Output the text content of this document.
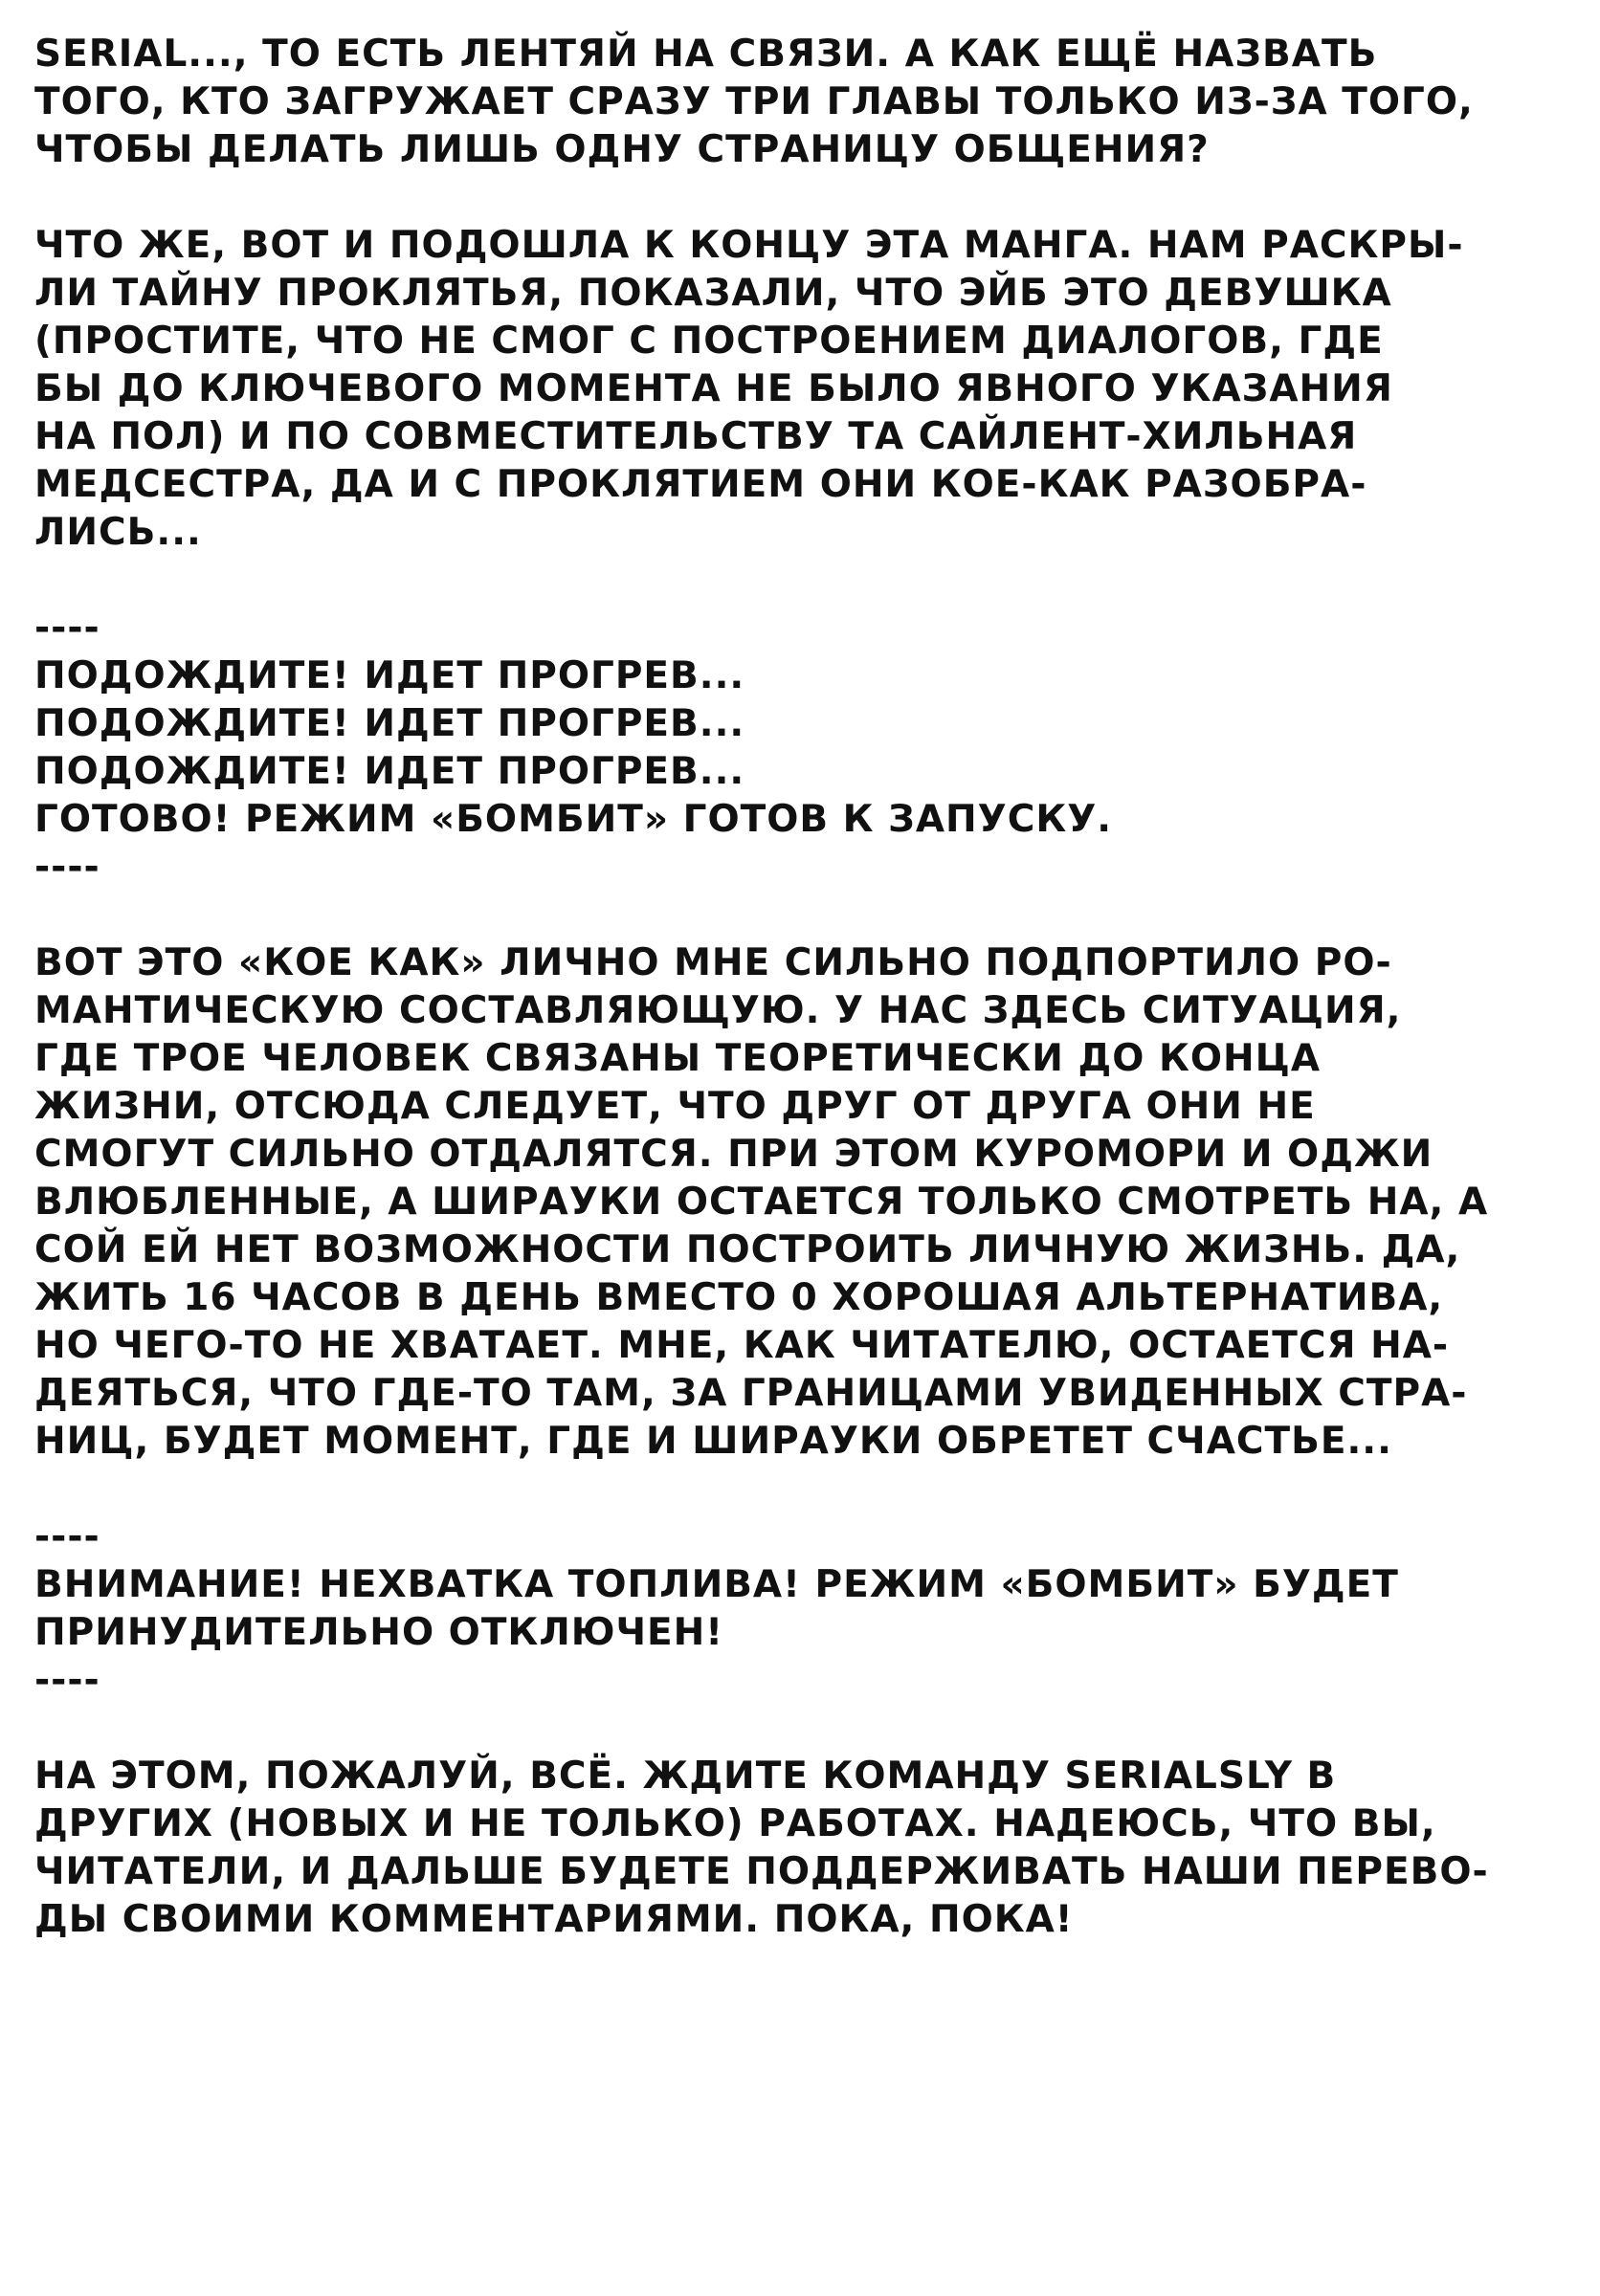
SERIAL..., ТО ЕСТЬ ЛЕНТЯЙ НА СВЯЗИ. А КАК ЕЩЁ НАЗВАТЬ
ТОГО, КТО ЗАГРУЖАЕТ СРАЗУ ТРИ ГЛАВЫ ТОЛЬКО ИЗ-ЗА ТОГО,
ЧТОБЫ ДЕЛАТЬ ЛИШЬ ОДНУ СТРАНИЦУ ОБЩЕНИЯ?
ЧТО ЖЕ, ВОТ И ПОДОШЛА К КОНЦУ ЭТА МАНГА. НАМ РАСКРЫ-
ЛИ ТАЙНУ ПРОКЛЯТЬЯ, ПОКАЗАЛИ, ЧТО ЭЙБ ЭТО ДЕВУШКА
(ПРОСТИТЕ, ЧТО НЕ СМОГ С ПОСТРОЕНИЕМ ДИАЛОГОВ, ГДЕ
БЫ ДО КЛЮЧЕВОГО МОМЕНТА НЕ БЫЛО ЯВНОГО УКАЗАНИЯ
НА ПОЛ) И ПО СОВМЕСТИТЕЛЬСТВУ ТА САЙЛЕНТ-ХИЛЬНАЯ
МЕДСЕСТРА, ДА И С ПРОКЛЯТИЕМ ОНИ КОЕ-КАК РАЗОБРА-
ЛИСЬ...
----
ПОДОЖДИТЕ! ИДЕТ ПРОГРЕВ...
ПОДОЖДИТЕ! ИДЕТ ПРОГРЕВ...
ПОДОЖДИТЕ! ИДЕТ ПРОГРЕВ...
ГОТОВО! РЕЖИМ «БОМБИТ» ГОТОВ К ЗАПУСКУ.
----
ВОТ ЭТО «КОЕ КАК» ЛИЧНО МНЕ СИЛЬНО ПОДПОРТИЛО РО-
МАНТИЧЕСКУЮ СОСТАВЛЯЮЩУЮ. У НАС ЗДЕСЬ СИТУАЦИЯ,
ГДЕ ТРОЕ ЧЕЛОВЕК СВЯЗАНЫ ТЕОРЕТИЧЕСКИ ДО КОНЦА
ЖИЗНИ, ОТСЮДА СЛЕДУЕТ, ЧТО ДРУГ ОТ ДРУГА ОНИ НЕ
СМОГУТ СИЛЬНО ОТДАЛЯТСЯ. ПРИ ЭТОМ КУРОМОРИ И ОДЖИ
ВЛЮБЛЕННЫЕ, А ШИРАУКИ ОСТАЕТСЯ ТОЛЬКО СМОТРЕТЬ НА, А
СОЙ ЕЙ НЕТ ВОЗМОЖНОСТИ ПОСТРОИТЬ ЛИЧНУЮ ЖИЗНЬ. ДА,
ЖИТЬ 16 ЧАСОВ В ДЕНЬ ВМЕСТО 0 ХОРОШАЯ АЛЬТЕРНАТИВА,
НО ЧЕГО-ТО НЕ ХВАТАЕТ. МНЕ, КАК ЧИТАТЕЛЮ, ОСТАЕТСЯ НА-
ДЕЯТЬСЯ, ЧТО ГДЕ-ТО ТАМ, ЗА ГРАНИЦАМИ УВИДЕННЫХ СТРА-
НИЦ, БУДЕТ МОМЕНТ, ГДЕ И ШИРАУКИ ОБРЕТЕТ СЧАСТЬЕ...
----
ВНИМАНИЕ! НЕХВАТКА ТОПЛИВА! РЕЖИМ «БОМБИТ» БУДЕТ
ПРИНУДИТЕЛЬНО ОТКЛЮЧЕН!
----
НА ЭТОМ, ПОЖАЛУЙ, ВСЁ. ЖДИТЕ КОМАНДУ SERIALSLY В
ДРУГИХ (НОВЫХ И НЕ ТОЛЬКО) РАБОТАХ. НАДЕЮСЬ, ЧТО ВЫ,
ЧИТАТЕЛИ, И ДАЛЬШЕ БУДЕТЕ ПОДДЕРЖИВАТЬ НАШИ ПЕРЕВО-
ДЫ СВОИМИ КОММЕНТАРИЯМИ. ПОКА, ПОКА!
